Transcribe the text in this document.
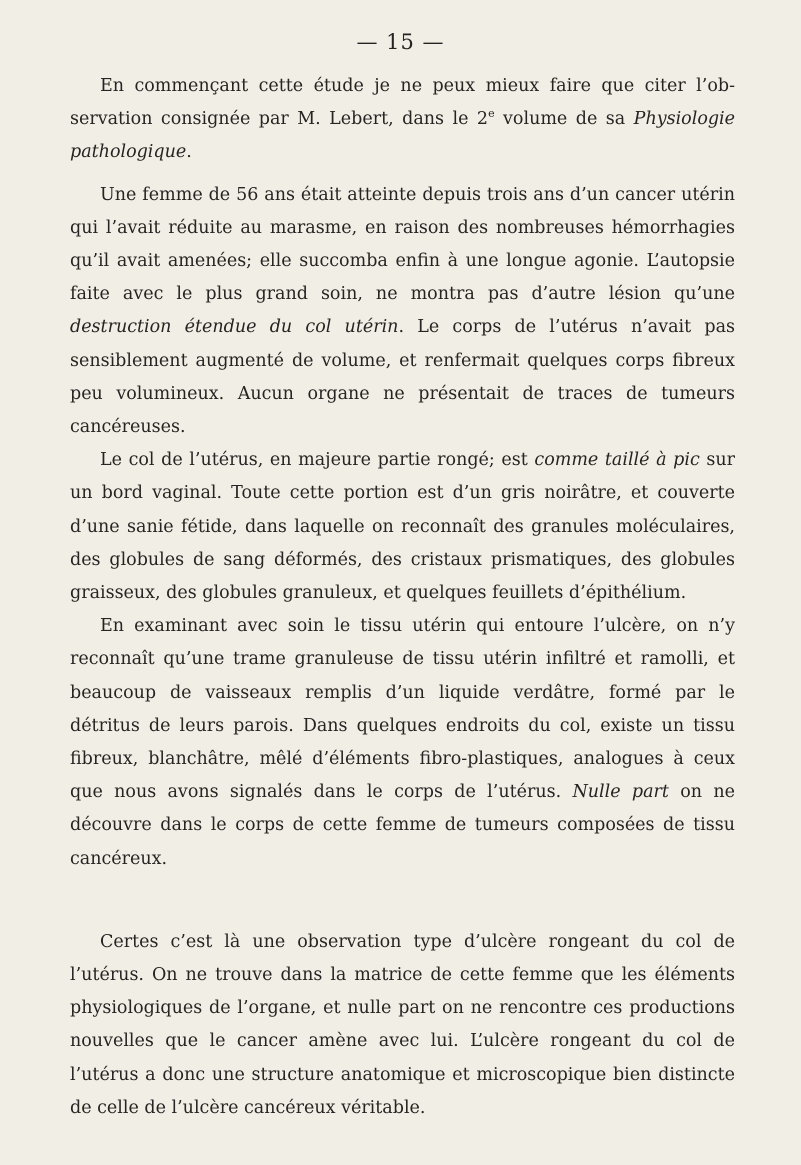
— 15 —

En commençant cette étude je ne peux mieux faire que citer l’observation consignée par M. Lebert, dans le 2e volume de sa Physiologie pathologique.

Une femme de 56 ans était atteinte depuis trois ans d’un cancer utérin qui l’avait réduite au marasme, en raison des nombreuses hémorrhagies qu’il avait amenées; elle succomba enfin à une longue agonie. L’autopsie faite avec le plus grand soin, ne montra pas d’autre lésion qu’une destruction étendue du col utérin. Le corps de l’utérus n’avait pas sensiblement augmenté de volume, et renfermait quelques corps fibreux peu volumineux. Aucun organe ne présentait de traces de tumeurs cancéreuses.

Le col de l’utérus, en majeure partie rongé; est comme taillé à pic sur un bord vaginal. Toute cette portion est d’un gris noirâtre, et couverte d’une sanie fétide, dans laquelle on reconnaît des granules moléculaires, des globules de sang déformés, des cristaux prismatiques, des globules graisseux, des globules granuleux, et quelques feuillets d’épithélium.

En examinant avec soin le tissu utérin qui entoure l’ulcère, on n’y reconnaît qu’une trame granuleuse de tissu utérin infiltré et ramolli, et beaucoup de vaisseaux remplis d’un liquide verdâtre, formé par le détritus de leurs parois. Dans quelques endroits du col, existe un tissu fibreux, blanchâtre, mêlé d’éléments fibro-plastiques, analogues à ceux que nous avons signalés dans le corps de l’utérus. Nulle part on ne découvre dans le corps de cette femme de tumeurs composées de tissu cancéreux.

Certes c’est là une observation type d’ulcère rongeant du col de l’utérus. On ne trouve dans la matrice de cette femme que les éléments physiologiques de l’organe, et nulle part on ne rencontre ces productions nouvelles que le cancer amène avec lui. L’ulcère rongeant du col de l’utérus a donc une structure anatomique et microscopique bien distincte de celle de l’ulcère cancéreux véritable.
